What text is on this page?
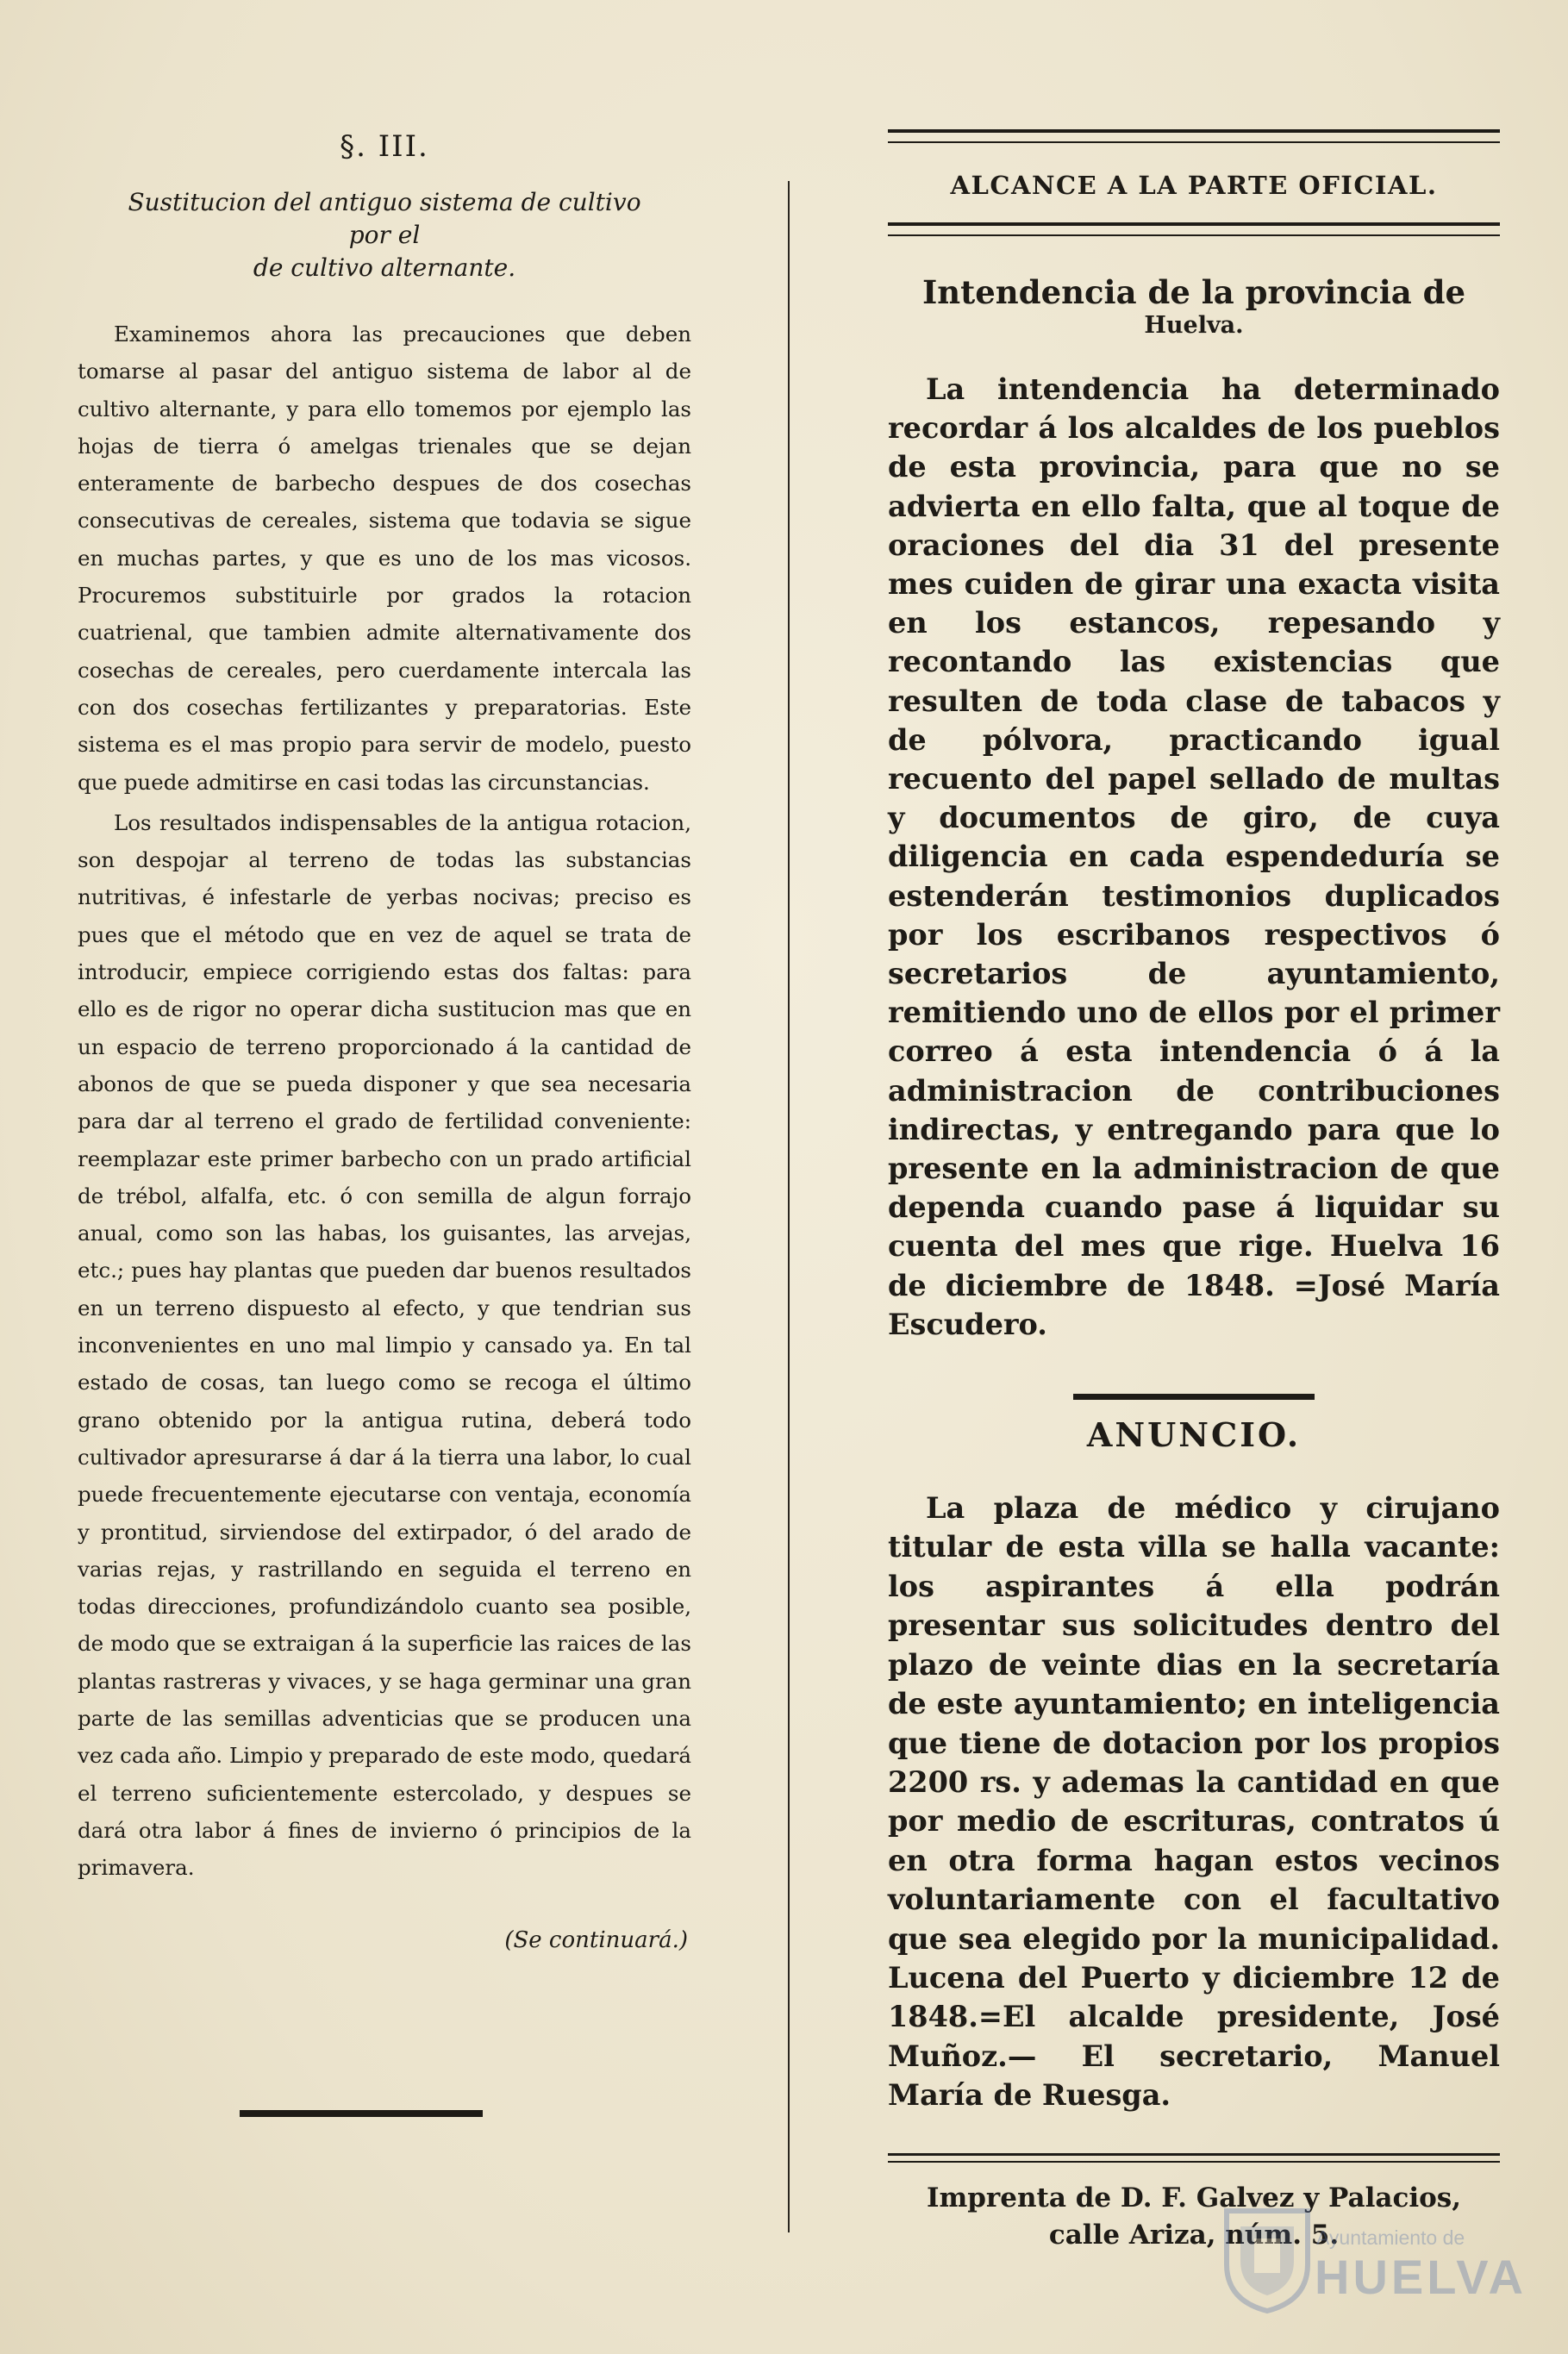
§. III.
Sustitucion del antiguo sistema de cultivo por el
de cultivo alternante.

Examinemos ahora las precauciones que deben tomarse al pasar del antiguo sistema de labor al de cultivo alternante, y para ello tomemos por ejemplo las hojas de tierra ó amelgas trienales que se dejan enteramente de barbecho despues de dos cosechas consecutivas de cereales, sistema que todavia se sigue en muchas partes, y que es uno de los mas vicosos. Procuremos substituirle por grados la rotacion cuatrienal, que tambien admite alternativamente dos cosechas de cereales, pero cuerdamente intercala las con dos cosechas fertilizantes y preparatorias. Este sistema es el mas propio para servir de modelo, puesto que puede admitirse en casi todas las circunstancias.

Los resultados indispensables de la antigua rotacion, son despojar al terreno de todas las substancias nutritivas, é infestarle de yerbas nocivas; preciso es pues que el método que en vez de aquel se trata de introducir, empiece corrigiendo estas dos faltas: para ello es de rigor no operar dicha sustitucion mas que en un espacio de terreno proporcionado á la cantidad de abonos de que se pueda disponer y que sea necesaria para dar al terreno el grado de fertilidad conveniente: reemplazar este primer barbecho con un prado artificial de trébol, alfalfa, etc. ó con semilla de algun forrajo anual, como son las habas, los guisantes, las arvejas, etc.; pues hay plantas que pueden dar buenos resultados en un terreno dispuesto al efecto, y que tendrian sus inconvenientes en uno mal limpio y cansado ya. En tal estado de cosas, tan luego como se recoga el último grano obtenido por la antigua rutina, deberá todo cultivador apresurarse á dar á la tierra una labor, lo cual puede frecuentemente ejecutarse con ventaja, economía y prontitud, sirviendose del extirpador, ó del arado de varias rejas, y rastrillando en seguida el terreno en todas direcciones, profundizándolo cuanto sea posible, de modo que se extraigan á la superficie las raices de las plantas rastreras y vivaces, y se haga germinar una gran parte de las semillas adventicias que se producen una vez cada año. Limpio y preparado de este modo, quedará el terreno suficientemente estercolado, y despues se dará otra labor á fines de invierno ó principios de la primavera.

(Se continuará.)
ALCANCE A LA PARTE OFICIAL.
Intendencia de la provincia de
Huelva.

La intendencia ha determinado recordar á los alcaldes de los pueblos de esta provincia, para que no se advierta en ello falta, que al toque de oraciones del dia 31 del presente mes cuiden de girar una exacta visita en los estancos, repesando y recontando las existencias que resulten de toda clase de tabacos y de pólvora, practicando igual recuento del papel sellado de multas y documentos de giro, de cuya diligencia en cada espendeduría se estenderán testimonios duplicados por los escribanos respectivos ó secretarios de ayuntamiento, remitiendo uno de ellos por el primer correo á esta intendencia ó á la administracion de contribuciones indirectas, y entregando para que lo presente en la administracion de que dependa cuando pase á liquidar su cuenta del mes que rige. Huelva 16 de diciembre de 1848. =José María Escudero.

ANUNCIO.

La plaza de médico y cirujano titular de esta villa se halla vacante: los aspirantes á ella podrán presentar sus solicitudes dentro del plazo de veinte dias en la secretaría de este ayuntamiento; en inteligencia que tiene de dotacion por los propios 2200 rs. y ademas la cantidad en que por medio de escrituras, contratos ú en otra forma hagan estos vecinos voluntariamente con el facultativo que sea elegido por la municipalidad. Lucena del Puerto y diciembre 12 de 1848.=El alcalde presidente, José Muñoz.— El secretario, Manuel María de Ruesga.

Imprenta de D. F. Galvez y Palacios, calle Ariza, núm. 5.
Ayuntamiento de
HUELVA
